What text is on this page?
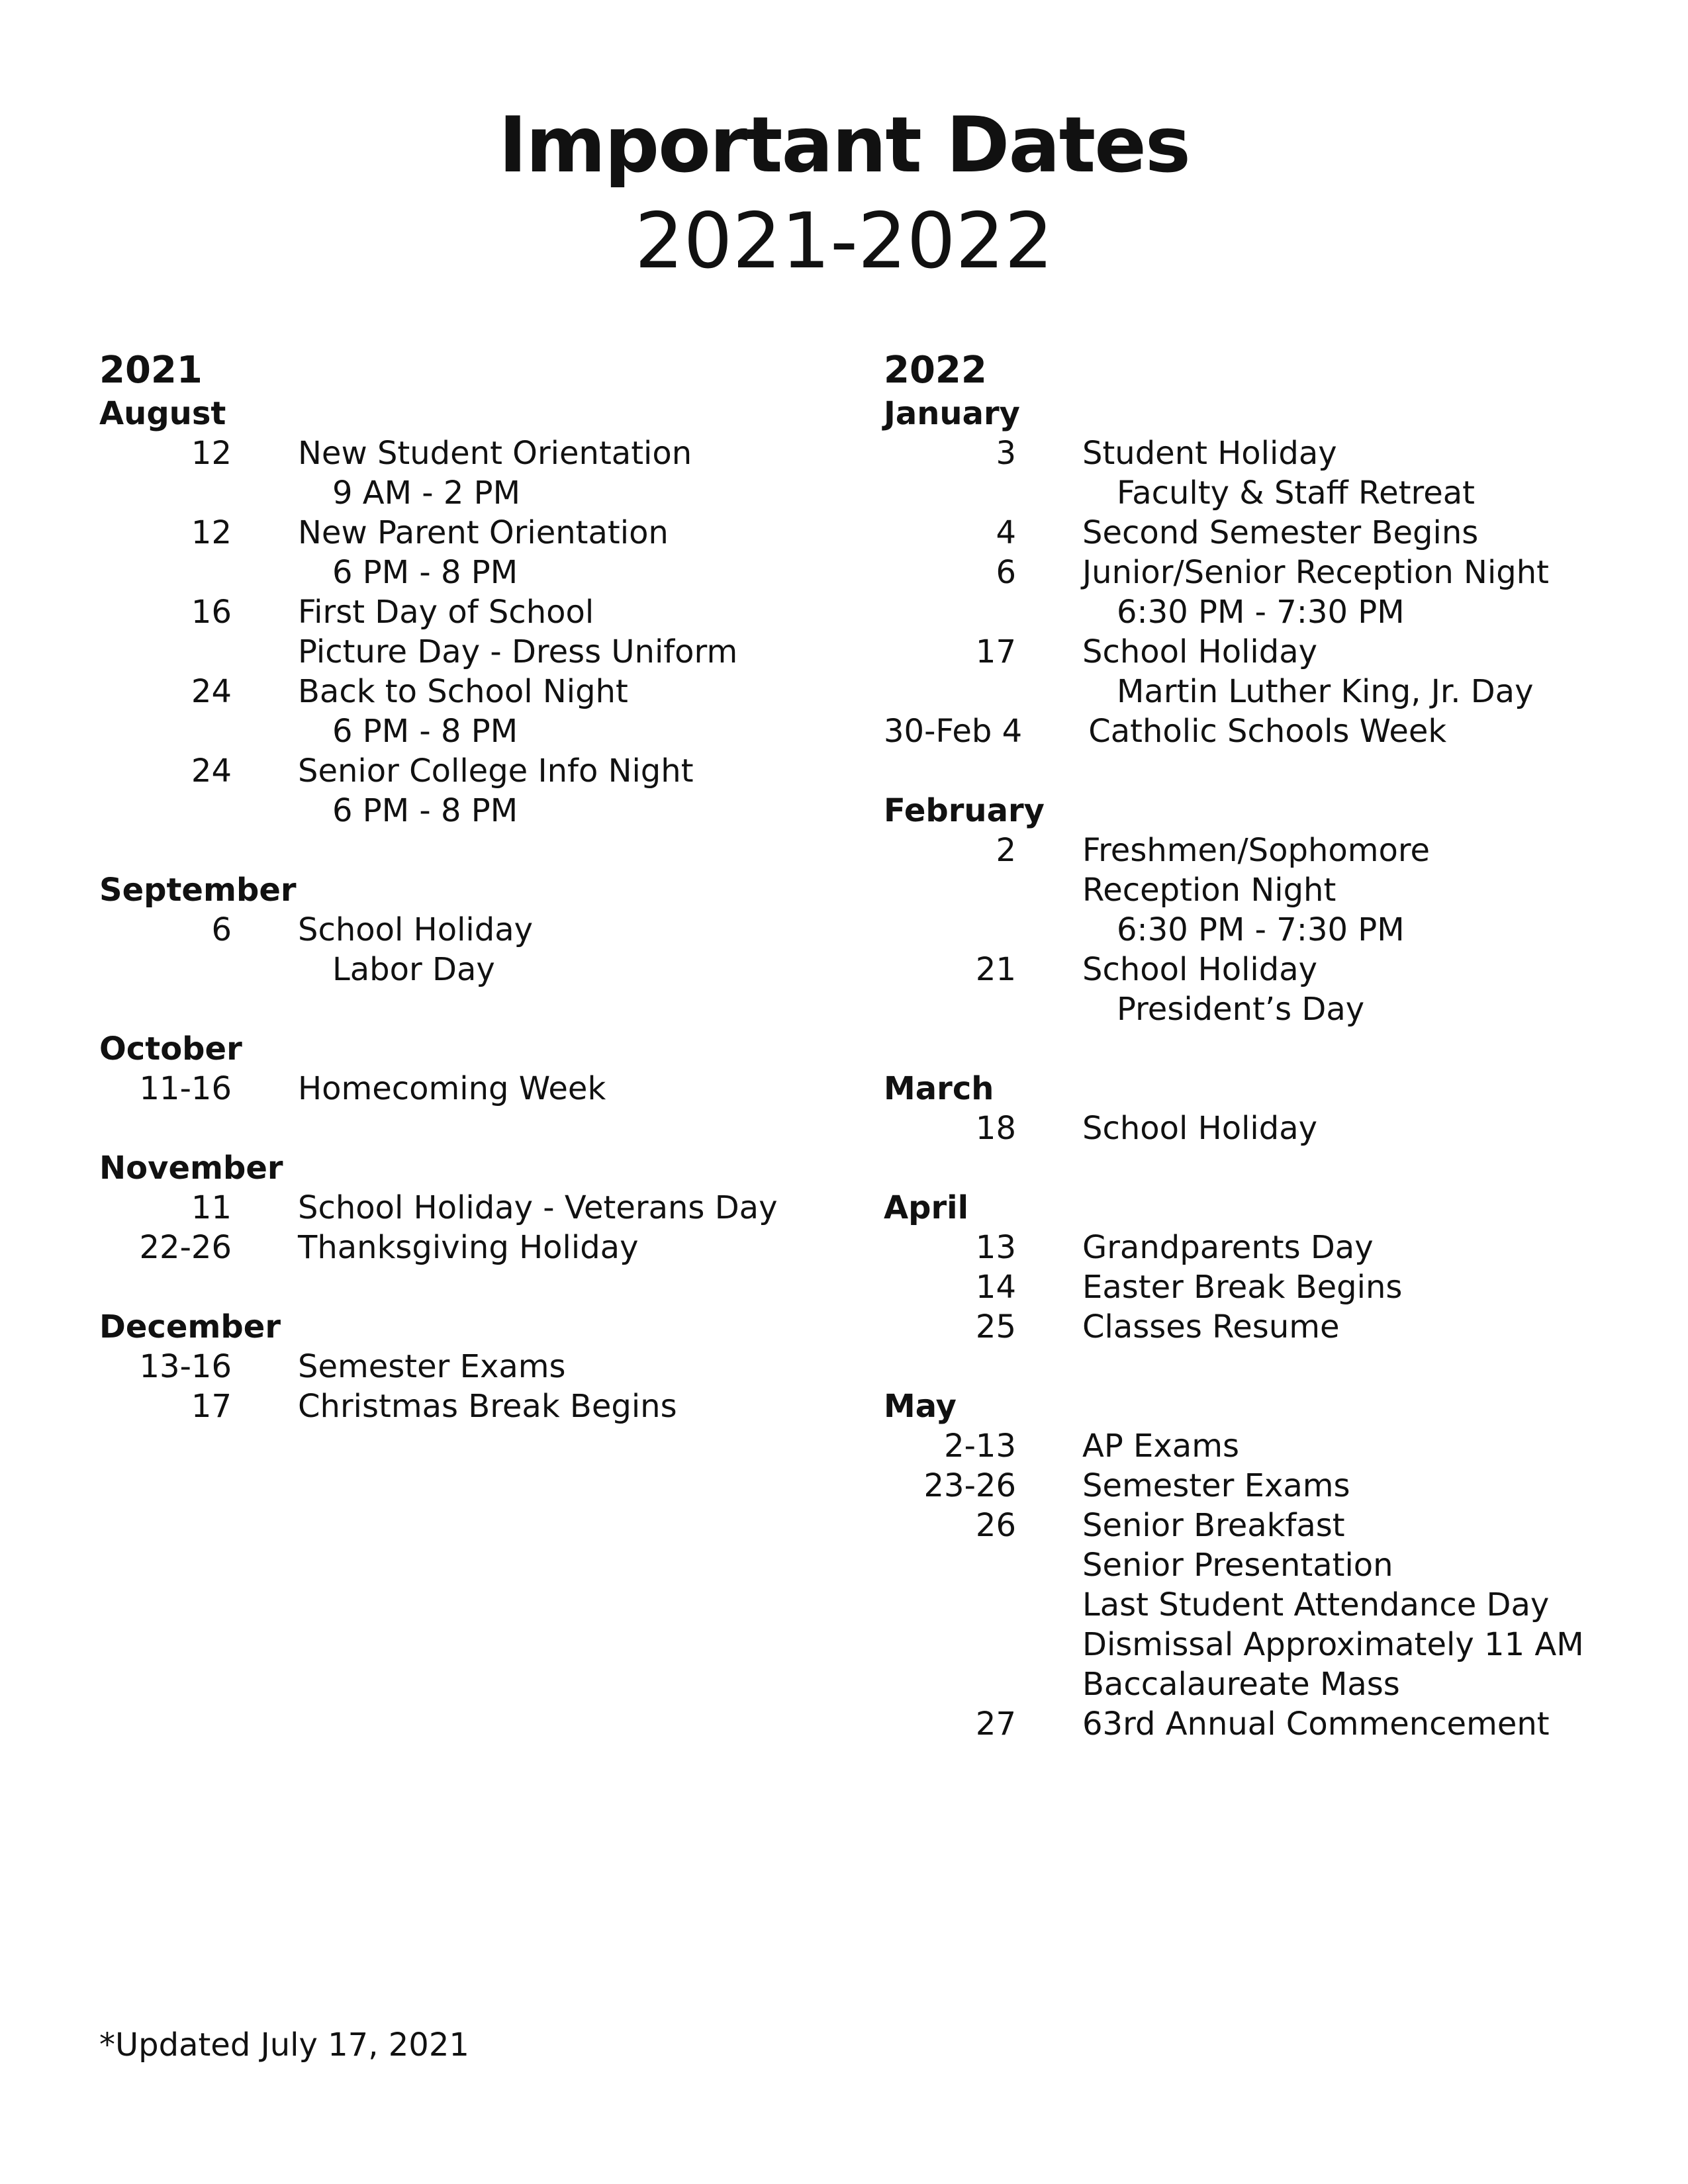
Important Dates
2021-2022
2021
August
12 New Student Orientation
9 AM - 2 PM
12 New Parent Orientation
6 PM - 8 PM
16 First Day of School
Picture Day - Dress Uniform
24 Back to School Night
6 PM - 8 PM
24 Senior College Info Night
6 PM - 8 PM
September
6 School Holiday
Labor Day
October
11-16 Homecoming Week
November
11 School Holiday - Veterans Day
22-26 Thanksgiving Holiday
December
13-16 Semester Exams
17 Christmas Break Begins
2022
January
3 Student Holiday
Faculty & Staff Retreat
4 Second Semester Begins
6 Junior/Senior Reception Night
6:30 PM - 7:30 PM
17 School Holiday
Martin Luther King, Jr. Day
30-Feb 4 Catholic Schools Week
February
2 Freshmen/Sophomore
Reception Night
6:30 PM - 7:30 PM
21 School Holiday
President’s Day
March
18 School Holiday
April
13 Grandparents Day
14 Easter Break Begins
25 Classes Resume
May
2-13 AP Exams
23-26 Semester Exams
26 Senior Breakfast
Senior Presentation
Last Student Attendance Day
Dismissal Approximately 11 AM
Baccalaureate Mass
27 63rd Annual Commencement
*Updated July 17, 2021
